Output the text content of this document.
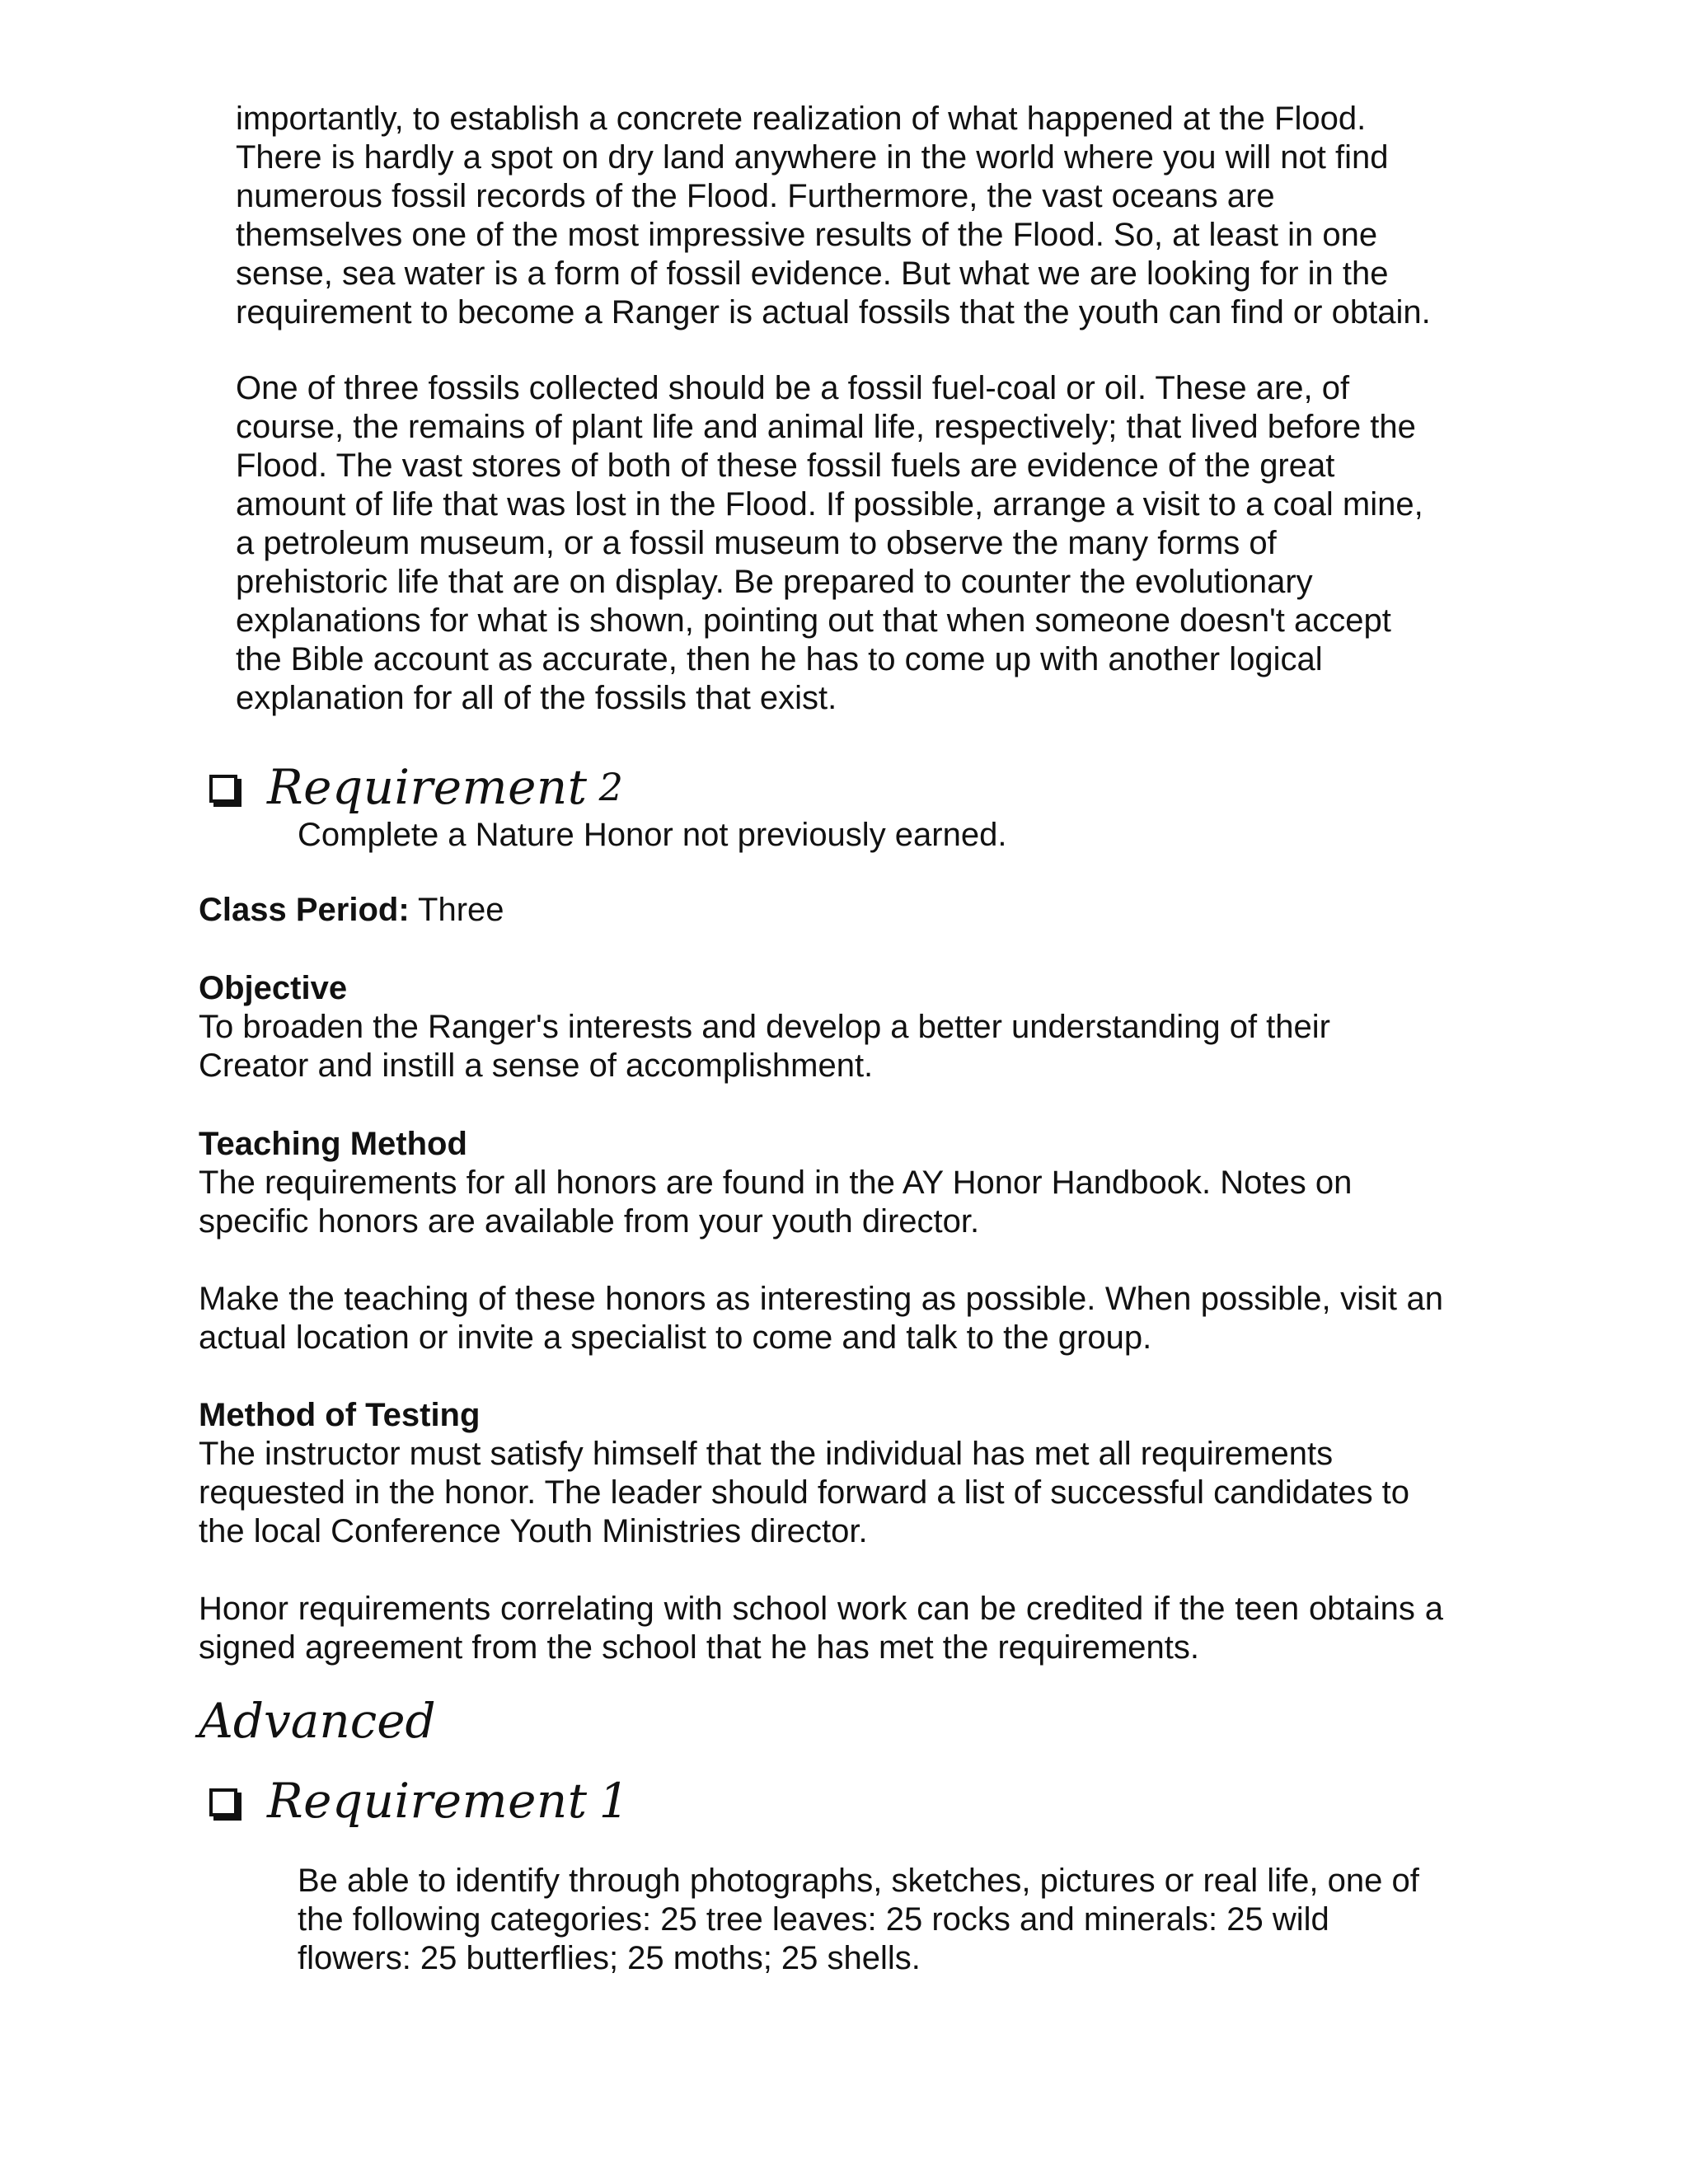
importantly, to establish a concrete realization of what happened at the Flood.
There is hardly a spot on dry land anywhere in the world where you will not find
numerous fossil records of the Flood. Furthermore, the vast oceans are
themselves one of the most impressive results of the Flood. So, at least in one
sense, sea water is a form of fossil evidence. But what we are looking for in the
requirement to become a Ranger is actual fossils that the youth can find or obtain.

One of three fossils collected should be a fossil fuel-coal or oil. These are, of
course, the remains of plant life and animal life, respectively; that lived before the
Flood. The vast stores of both of these fossil fuels are evidence of the great
amount of life that was lost in the Flood. If possible, arrange a visit to a coal mine,
a petroleum museum, or a fossil museum to observe the many forms of
prehistoric life that are on display. Be prepared to counter the evolutionary
explanations for what is shown, pointing out that when someone doesn't accept
the Bible account as accurate, then he has to come up with another logical
explanation for all of the fossils that exist.

Requirement 2

Complete a Nature Honor not previously earned.

Class Period: Three

Objective

To broaden the Ranger's interests and develop a better understanding of their
Creator and instill a sense of accomplishment.

Teaching Method

The requirements for all honors are found in the AY Honor Handbook. Notes on
specific honors are available from your youth director.

Make the teaching of these honors as interesting as possible. When possible, visit an actual location or invite a specialist to come and talk to the group.

Method of Testing

The instructor must satisfy himself that the individual has met all requirements
requested in the honor. The leader should forward a list of successful candidates to
the local Conference Youth Ministries director.

Honor requirements correlating with school work can be credited if the teen obtains a signed agreement from the school that he has met the requirements.

Advanced
Requirement 1

Be able to identify through photographs, sketches, pictures or real life, one of
the following categories: 25 tree leaves: 25 rocks and minerals: 25 wild
flowers: 25 butterflies; 25 moths; 25 shells.
